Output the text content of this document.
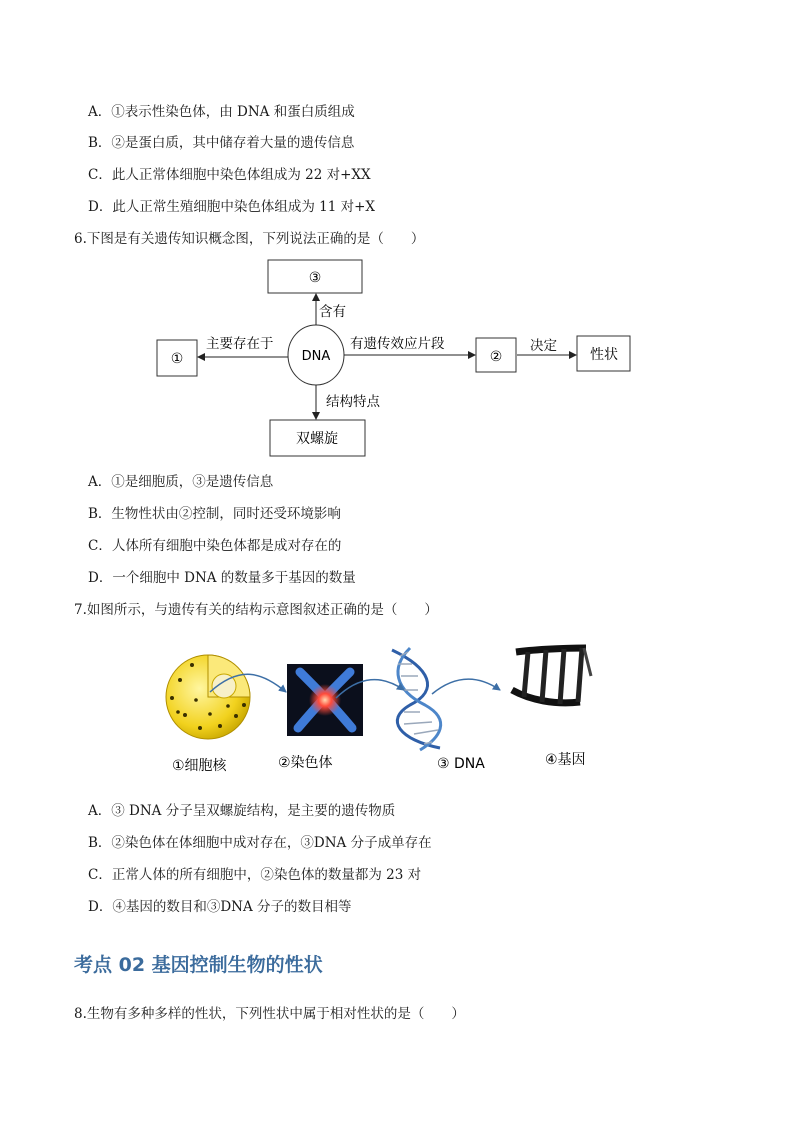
A．①表示性染色体，由 DNA 和蛋白质组成
B．②是蛋白质，其中储存着大量的遗传信息
C．此人正常体细胞中染色体组成为 22 对+XX
D．此人正常生殖细胞中染色体组成为 11 对+X
6.下图是有关遗传知识概念图，下列说法正确的是（　　）
③
①	②	性状
双螺旋
DNA
含有
主要存在于	有遗传效应片段	决定
结构特点
A．①是细胞质，③是遗传信息
B．生物性状由②控制，同时还受环境影响
C．人体所有细胞中染色体都是成对存在的
D．一个细胞中 DNA 的数量多于基因的数量
7.如图所示，与遗传有关的结构示意图叙述正确的是（　　）
①细胞核	②染色体	③ DNA	④基因
A．③ DNA 分子呈双螺旋结构，是主要的遗传物质
B．②染色体在体细胞中成对存在，③DNA 分子成单存在
C．正常人体的所有细胞中，②染色体的数量都为 23 对
D．④基因的数目和③DNA 分子的数目相等
考点 02 基因控制生物的性状
8.生物有多种多样的性状，下列性状中属于相对性状的是（　　）
